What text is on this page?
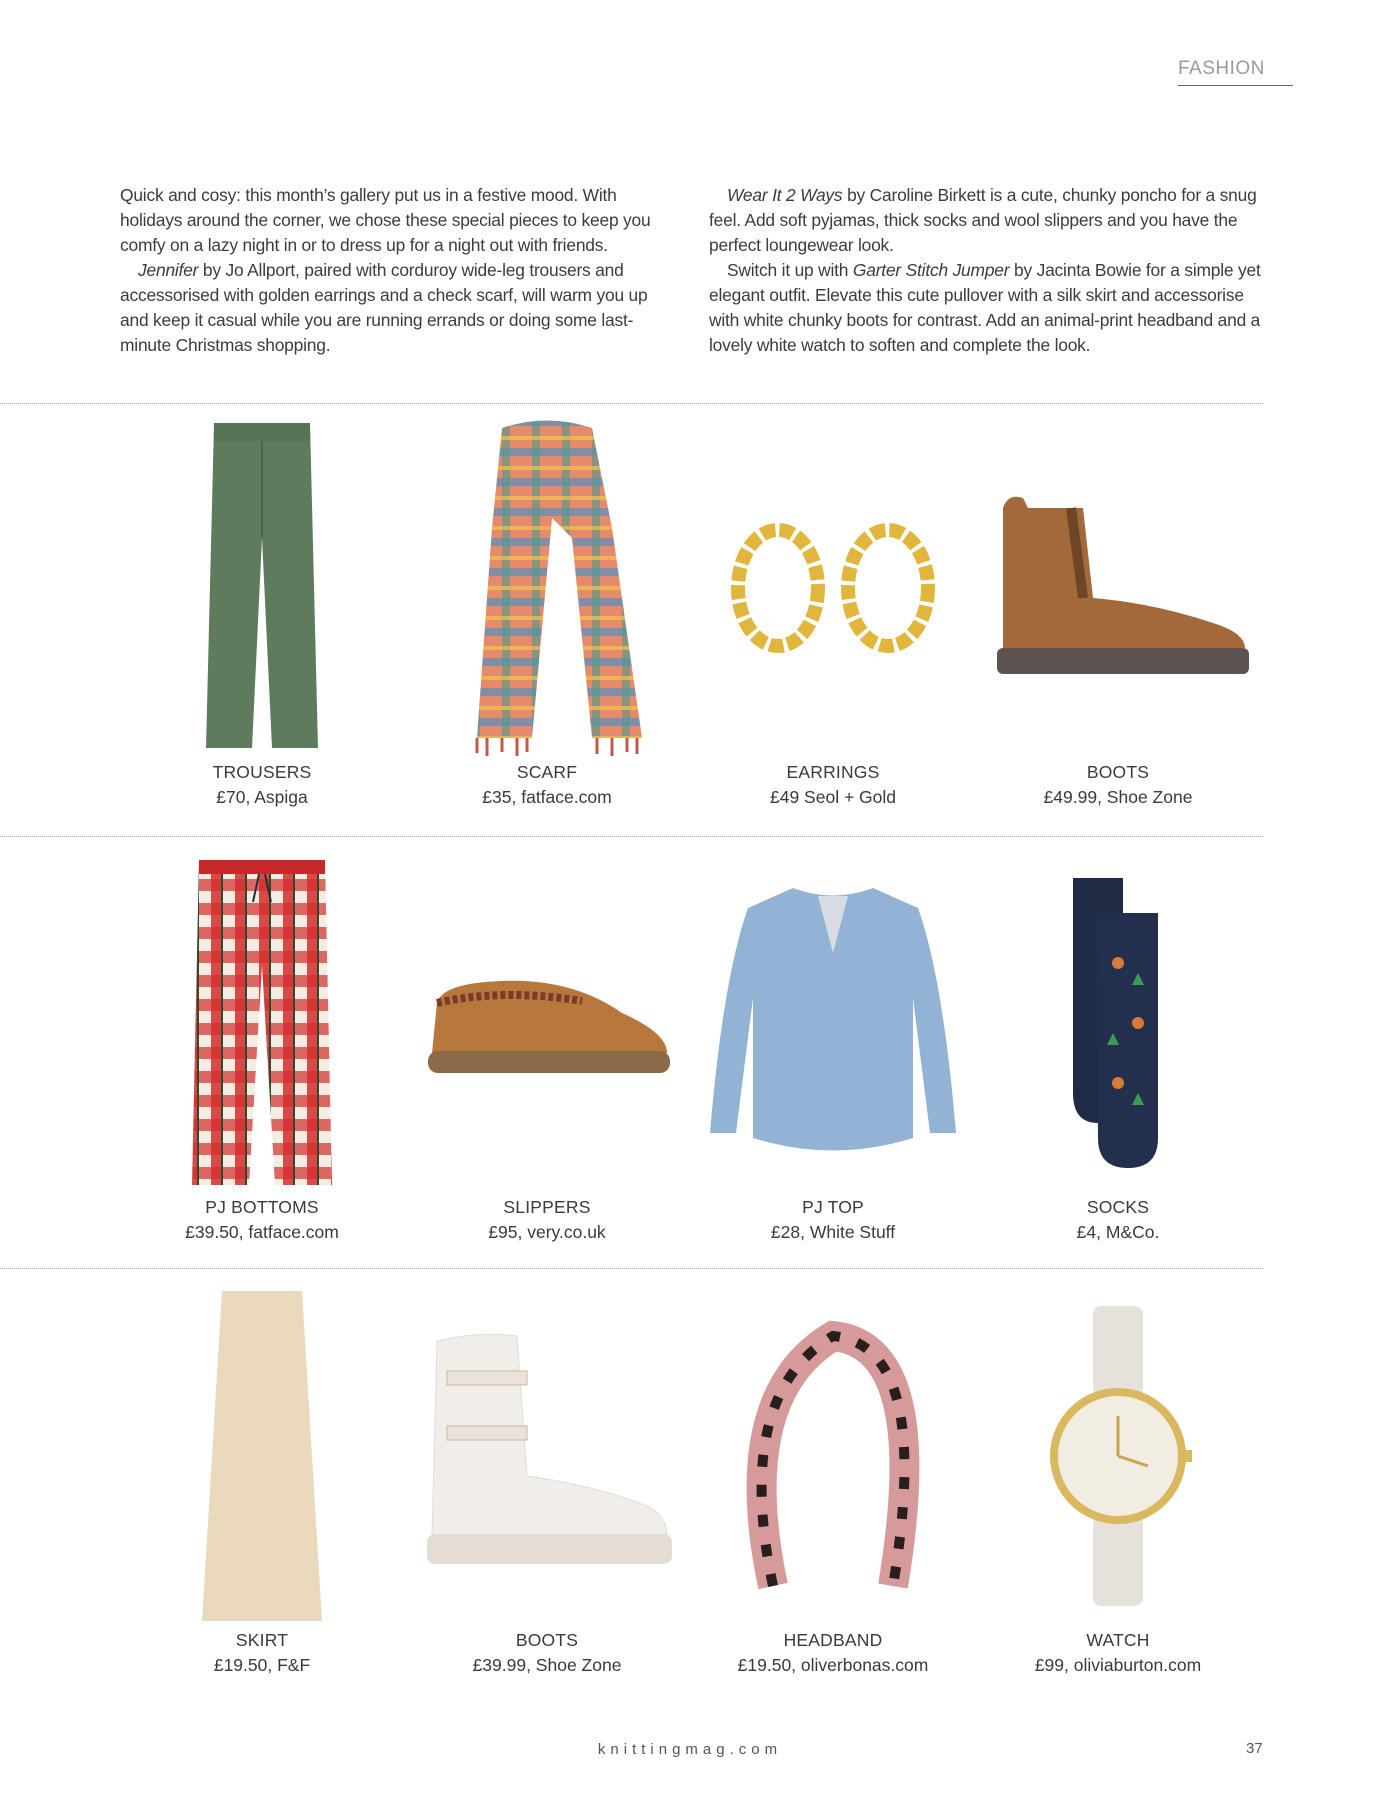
FASHION

Quick and cosy: this month’s gallery put us in a festive mood. With holidays around the corner, we chose these special pieces to keep you comfy on a lazy night in or to dress up for a night out with friends.

Jennifer by Jo Allport, paired with corduroy wide-leg trousers and accessorised with golden earrings and a check scarf, will warm you up and keep it casual while you are running errands or doing some last-minute Christmas shopping.

Wear It 2 Ways by Caroline Birkett is a cute, chunky poncho for a snug feel. Add soft pyjamas, thick socks and wool slippers and you have the perfect loungewear look.

Switch it up with Garter Stitch Jumper by Jacinta Bowie for a simple yet elegant outfit. Elevate this cute pullover with a silk skirt and accessorise with white chunky boots for contrast. Add an animal-print headband and a lovely white watch to soften and complete the look.

TROUSERS
£70, Aspiga
SCARF
£35, fatface.com
EARRINGS
£49 Seol + Gold
BOOTS
£49.99, Shoe Zone
PJ BOTTOMS
£39.50, fatface.com
SLIPPERS
£95, very.co.uk
PJ TOP
£28, White Stuff
SOCKS
£4, M&Co.
SKIRT
£19.50, F&F
BOOTS
£39.99, Shoe Zone
HEADBAND
£19.50, oliverbonas.com
WATCH
£99, oliviaburton.com
knittingmag.com	37
